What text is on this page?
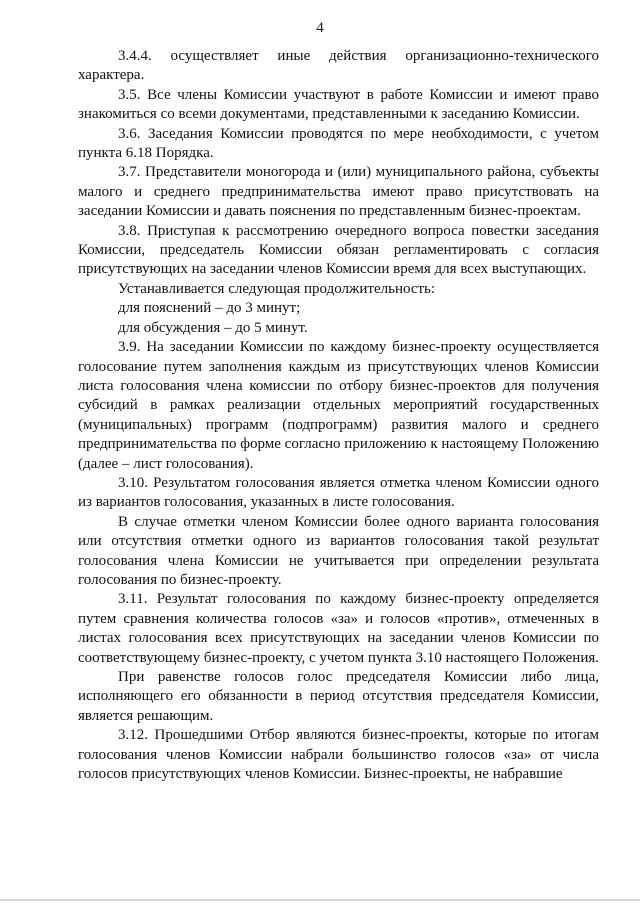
4

3.4.4. осуществляет иные действия организационно-технического характера.

3.5. Все члены Комиссии участвуют в работе Комиссии и имеют право знакомиться со всеми документами, представленными к заседанию Комиссии.

3.6. Заседания Комиссии проводятся по мере необходимости, с учетом пункта 6.18 Порядка.

3.7. Представители моногорода и (или) муниципального района, субъекты малого и среднего предпринимательства имеют право присутствовать на заседании Комиссии и давать пояснения по представленным бизнес-проектам.

3.8. Приступая к рассмотрению очередного вопроса повестки заседания Комиссии, председатель Комиссии обязан регламентировать с согласия присутствующих на заседании членов Комиссии время для всех выступающих.

Устанавливается следующая продолжительность:

для пояснений – до 3 минут;

для обсуждения – до 5 минут.

3.9. На заседании Комиссии по каждому бизнес-проекту осуществляется голосование путем заполнения каждым из присутствующих членов Комиссии листа голосования члена комиссии по отбору бизнес-проектов для получения субсидий в рамках реализации отдельных мероприятий государственных (муниципальных) программ (подпрограмм) развития малого и среднего предпринимательства по форме согласно приложению к настоящему Положению (далее – лист голосования).

3.10. Результатом голосования является отметка членом Комиссии одного из вариантов голосования, указанных в листе голосования.

В случае отметки членом Комиссии более одного варианта голосования или отсутствия отметки одного из вариантов голосования такой результат голосования члена Комиссии не учитывается при определении результата голосования по бизнес-проекту.

3.11. Результат голосования по каждому бизнес-проекту определяется путем сравнения количества голосов «за» и голосов «против», отмеченных в листах голосования всех присутствующих на заседании членов Комиссии по соответствующему бизнес-проекту, с учетом пункта 3.10 настоящего Положения.

При равенстве голосов голос председателя Комиссии либо лица, исполняющего его обязанности в период отсутствия председателя Комиссии, является решающим.

3.12. Прошедшими Отбор являются бизнес-проекты, которые по итогам голосования членов Комиссии набрали большинство голосов «за» от числа голосов присутствующих членов Комиссии. Бизнес-проекты, не набравшие
